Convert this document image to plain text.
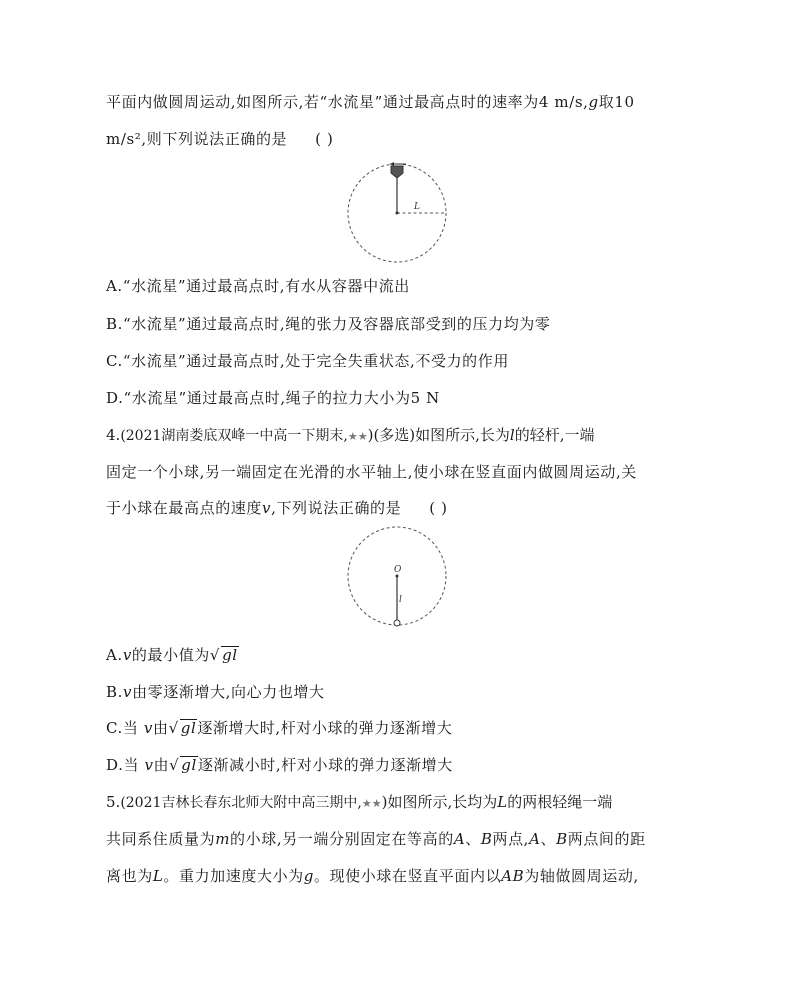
平面内做圆周运动,如图所示,若“水流星”通过最高点时的速率为4 m/s,g取10
m/s²,则下列说法正确的是 ( )
L
A.“水流星”通过最高点时,有水从容器中流出
B.“水流星”通过最高点时,绳的张力及容器底部受到的压力均为零
C.“水流星”通过最高点时,处于完全失重状态,不受力的作用
D.“水流星”通过最高点时,绳子的拉力大小为5 N
4.(2021湖南娄底双峰一中高一下期末,★★)(多选)如图所示,长为l的轻杆,一端
固定一个小球,另一端固定在光滑的水平轴上,使小球在竖直面内做圆周运动,关
于小球在最高点的速度v,下列说法正确的是 ( )
O
l
A.v的最小值为√ gl
B.v由零逐渐增大,向心力也增大
C.当 v由√ gl逐渐增大时,杆对小球的弹力逐渐增大
D.当 v由√ gl逐渐减小时,杆对小球的弹力逐渐增大
5.(2021吉林长春东北师大附中高三期中,★★)如图所示,长均为L的两根轻绳一端
共同系住质量为m的小球,另一端分别固定在等高的A、B两点,A、B两点间的距
离也为L。重力加速度大小为g。现使小球在竖直平面内以AB为轴做圆周运动,
